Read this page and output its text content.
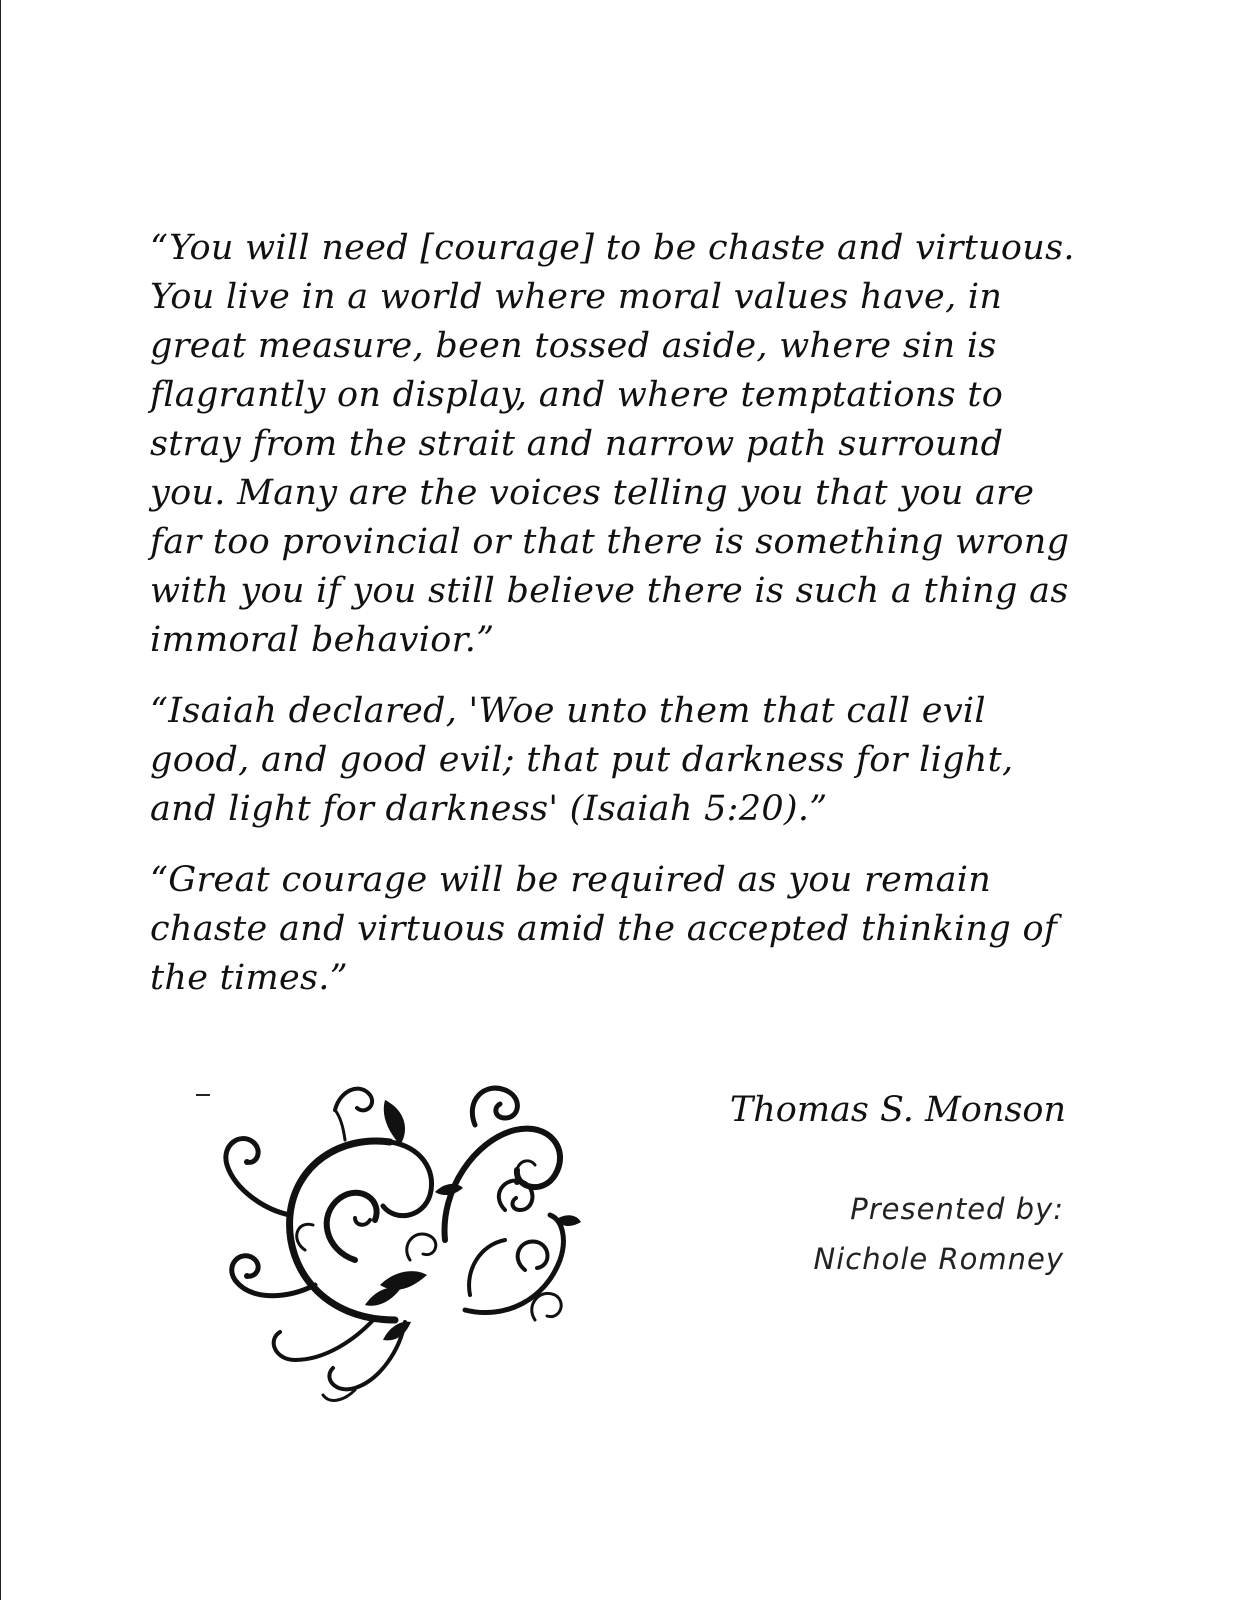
“You will need [courage] to be chaste and virtuous. You live in a world where moral values have, in great measure, been tossed aside, where sin is flagrantly on display, and where temptations to stray from the strait and narrow path surround you. Many are the voices telling you that you are far too provincial or that there is something wrong with you if you still believe there is such a thing as immoral behavior.”

“Isaiah declared, 'Woe unto them that call evil good, and good evil; that put darkness for light, and light for darkness' (Isaiah 5:20).”

“Great courage will be required as you remain chaste and virtuous amid the accepted thinking of the times.”

Thomas S. Monson
Presented by:
Nichole Romney
